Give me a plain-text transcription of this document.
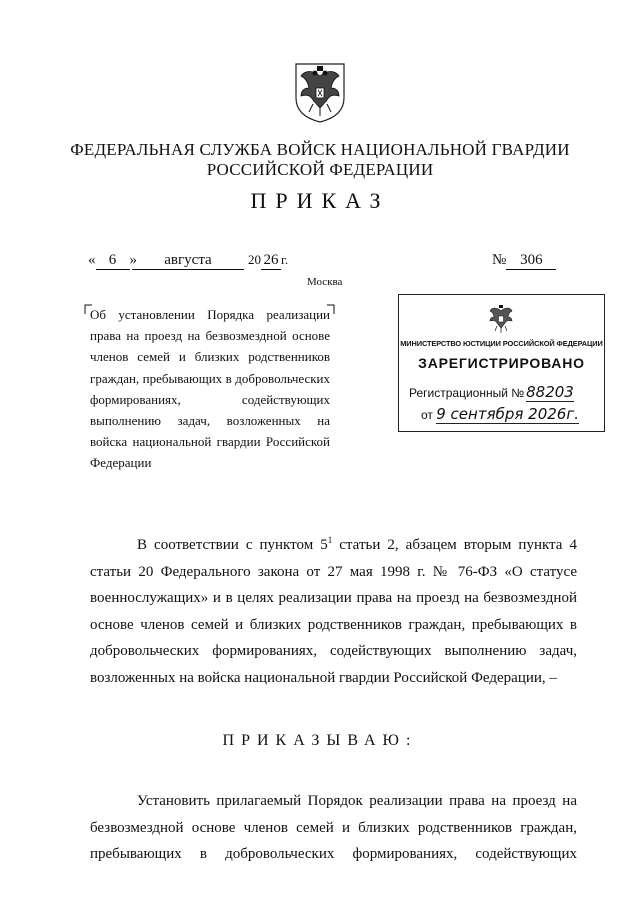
ФЕДЕРАЛЬНАЯ СЛУЖБА ВОЙСК НАЦИОНАЛЬНОЙ ГВАРДИИ
РОССИЙСКОЙ ФЕДЕРАЦИИ
ПРИКАЗ
« 6 »	августа	20 26 г.	№ 306
Москва

Об установлении Порядка реализации права на проезд на безвозмездной основе членов семей и близких родственников граждан, пребывающих в добровольческих формированиях, содействующих выполнению задач, возложенных на войска национальной гвардии Российской Федерации

МИНИСТЕРСТВО ЮСТИЦИИ РОССИЙСКОЙ ФЕДЕРАЦИИ
ЗАРЕГИСТРИРОВАНО
Регистрационный № 88203
от 9 сентября 2026г.

В соответствии с пунктом $5^1$ статьи 2, абзацем вторым пункта 4 статьи 20 Федерального закона от 27 мая 1998 г. № 76-ФЗ «О статусе военнослужащих» и в целях реализации права на проезд на безвозмездной основе членов семей и близких родственников граждан, пребывающих в добровольческих формированиях, содействующих выполнению задач, возложенных на войска национальной гвардии Российской Федерации, –

ПРИКАЗЫВАЮ:

Установить прилагаемый Порядок реализации права на проезд на безвозмездной основе членов семей и близких родственников граждан, пребывающих в добровольческих формированиях, содействующих
